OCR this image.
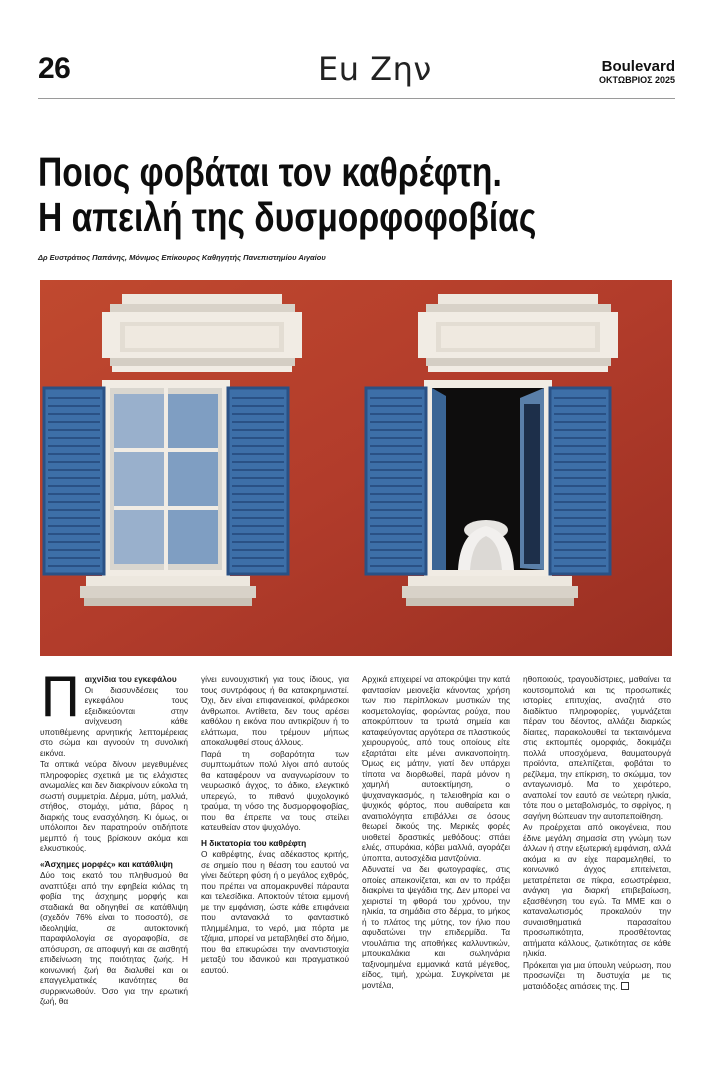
26	Eu Zην	Boulevard
ΟΚΤΩΒΡΙΟΣ 2025
Ποιος φοβάται τον καθρέφτη.
Η απειλή της δυσμορφοφοβίας
Δρ Ευστράτιος Παπάνης, Μόνιμος Επίκουρος Καθηγητής Πανεπιστημίου Αιγαίου
Π αιχνίδια του εγκεφάλου

Οι διασυνδέσεις του εγκεφάλου τους εξειδικεύονται στην ανίχνευση κάθε υποτιθέμενης αρνητικής λεπτομέρειας στο σώμα και αγνοούν τη συνολική εικόνα.

Τα οπτικά νεύρα δίνουν μεγεθυμένες πληροφορίες σχετικά με τις ελάχιστες ανωμαλίες και δεν διακρίνουν εύκολα τη σωστή συμμετρία. Δέρμα, μύτη, μαλλιά, στήθος, στομάχι, μάτια, βάρος η διαρκής τους ενασχόληση. Κι όμως, οι υπόλοιποι δεν παρατηρούν οτιδήποτε μεμπτό ή τους βρίσκουν ακόμα και ελκυστικούς.

«Άσχημες μορφές» και κατάθλιψη

Δύο τοις εκατό του πληθυσμού θα αναπτύξει από την εφηβεία κιόλας τη φοβία της άσχημης μορφής και σταδιακά θα οδηγηθεί σε κατάθλιψη (σχεδόν 76% είναι το ποσοστό), σε ιδεοληψία, σε αυτοκτονική παραφιλολογία σε αγοραφοβία, σε απόσυρση, σε αποφυγή και σε αισθητή επιδείνωση της ποιότητας ζωής. Η κοινωνική ζωή θα διαλυθεί και οι επαγγελματικές ικανότητες θα συρρικνωθούν. Όσο για την ερωτική ζωή, θα

γίνει ευνουχιστική για τους ίδιους, για τους συντρόφους ή θα κατακρημνιστεί. Όχι, δεν είναι επιφανειακοί, φιλάρεσκοι άνθρωποι. Αντίθετα, δεν τους αρέσει καθόλου η εικόνα που αντικρίζουν ή το ελάττωμα, που τρέμουν μήπως αποκαλυφθεί στους άλλους.

Παρά τη σοβαρότητα των συμπτωμάτων πολύ λίγοι από αυτούς θα καταφέρουν να αναγνωρίσουν το νευρωσικό άγχος, το άδικο, ελεγκτικό υπερεγώ, το πιθανό ψυχολογικό τραύμα, τη νόσο της δυσμορφοφοβίας, που θα έπρεπε να τους στείλει κατευθείαν στον ψυχολόγο.

Η δικτατορία του καθρέφτη

Ο καθρέφτης, ένας αδέκαστος κριτής, σε σημείο που η θέαση του εαυτού να γίνει δεύτερη φύση ή ο μεγάλος εχθρός, που πρέπει να απομακρυνθεί πάραυτα και τελεσίδικα. Αποκτούν τέτοια εμμονή με την εμφάνιση, ώστε κάθε επιφάνεια που αντανακλά το φανταστικό πλημμέλημα, το νερό, μια πόρτα με τζάμια, μπορεί να μεταβληθεί στο δήμιο, που θα επικυρώσει την αναντιστοιχία μεταξύ του ιδανικού και πραγματικού εαυτού.

Αρχικά επιχειρεί να αποκρύψει την κατά φαντασίαν μειονεξία κάνοντας χρήση των πιο περίπλοκων μυστικών της κοσμετολογίας, φορώντας ρούχα, που αποκρύπτουν τα τρωτά σημεία και καταφεύγοντας αργότερα σε πλαστικούς χειρουργούς, από τους οποίους είτε εξαρτάται είτε μένει ανικανοποίητη. Όμως εις μάτην, γιατί δεν υπάρχει τίποτα να διορθωθεί, παρά μόνον η χαμηλή αυτοεκτίμηση, ο ψυχαναγκασμός, η τελειοθηρία και ο ψυχικός φόρτος, που αυθαίρετα και αναιτιολόγητα επιβάλλει σε όσους θεωρεί δικούς της. Μερικές φορές υιοθετεί δραστικές μεθόδους: σπάει ελιές, σπυράκια, κόβει μαλλιά, αγοράζει ύποπτα, αυτοσχέδια μαντζούνια.

Αδυνατεί να δει φωτογραφίες, στις οποίες απεικονίζεται, και αν το πράξει διακρίνει τα ψεγάδια της. Δεν μπορεί να χειριστεί τη φθορά του χρόνου, την ηλικία, τα σημάδια στο δέρμα, το μήκος ή το πλάτος της μύτης, τον ήλιο που αφυδατώνει την επιδερμίδα. Τα ντουλάπια της αποθήκες καλλυντικών, μπουκαλάκια και σωληνάρια ταξινομημένα εμμανικά κατά μέγεθος, είδος, τιμή, χρώμα. Συγκρίνεται με μοντέλα,

ηθοποιούς, τραγουδίστριες, μαθαίνει τα κουτσομπολιά και τις προσωπικές ιστορίες επιτυχίας, αναζητά στο διαδίκτυο πληροφορίες, γυμνάζεται πέραν του δέοντος, αλλάζει διαρκώς δίαιτες, παρακολουθεί τα τεκταινόμενα στις εκπομπές ομορφιάς, δοκιμάζει πολλά υποσχόμενα, θαυματουργά προϊόντα, απελπίζεται, φοβάται το ρεζίλεμα, την επίκριση, το σκώμμα, τον ανταγωνισμό. Μα το χειρότερο, αναπολεί τον εαυτό σε νεώτερη ηλικία, τότε που ο μεταβολισμός, το σφρίγος, η σαγήνη θώπευαν την αυτοπεποίθηση.

Αν προέρχεται από οικογένεια, που έδινε μεγάλη σημασία στη γνώμη των άλλων ή στην εξωτερική εμφάνιση, αλλά ακόμα κι αν είχε παραμεληθεί, το κοινωνικό άγχος επιτείνεται, μετατρέπεται σε πίκρα, εσωστρέφεια, ανάγκη για διαρκή επιβεβαίωση, εξασθένηση του εγώ. Τα ΜΜΕ και ο καταναλωτισμός προκαλούν την συναισθηματικά παρασαίτου προσωπικότητα, προσθέτοντας αιτήματα κάλλους, ζωτικότητας σε κάθε ηλικία.

Πρόκειται για μια ύπουλη νεύρωση, που προσωνίζει τη δυστυχία με τις ματαιόδοξες αιτιάσεις της.
